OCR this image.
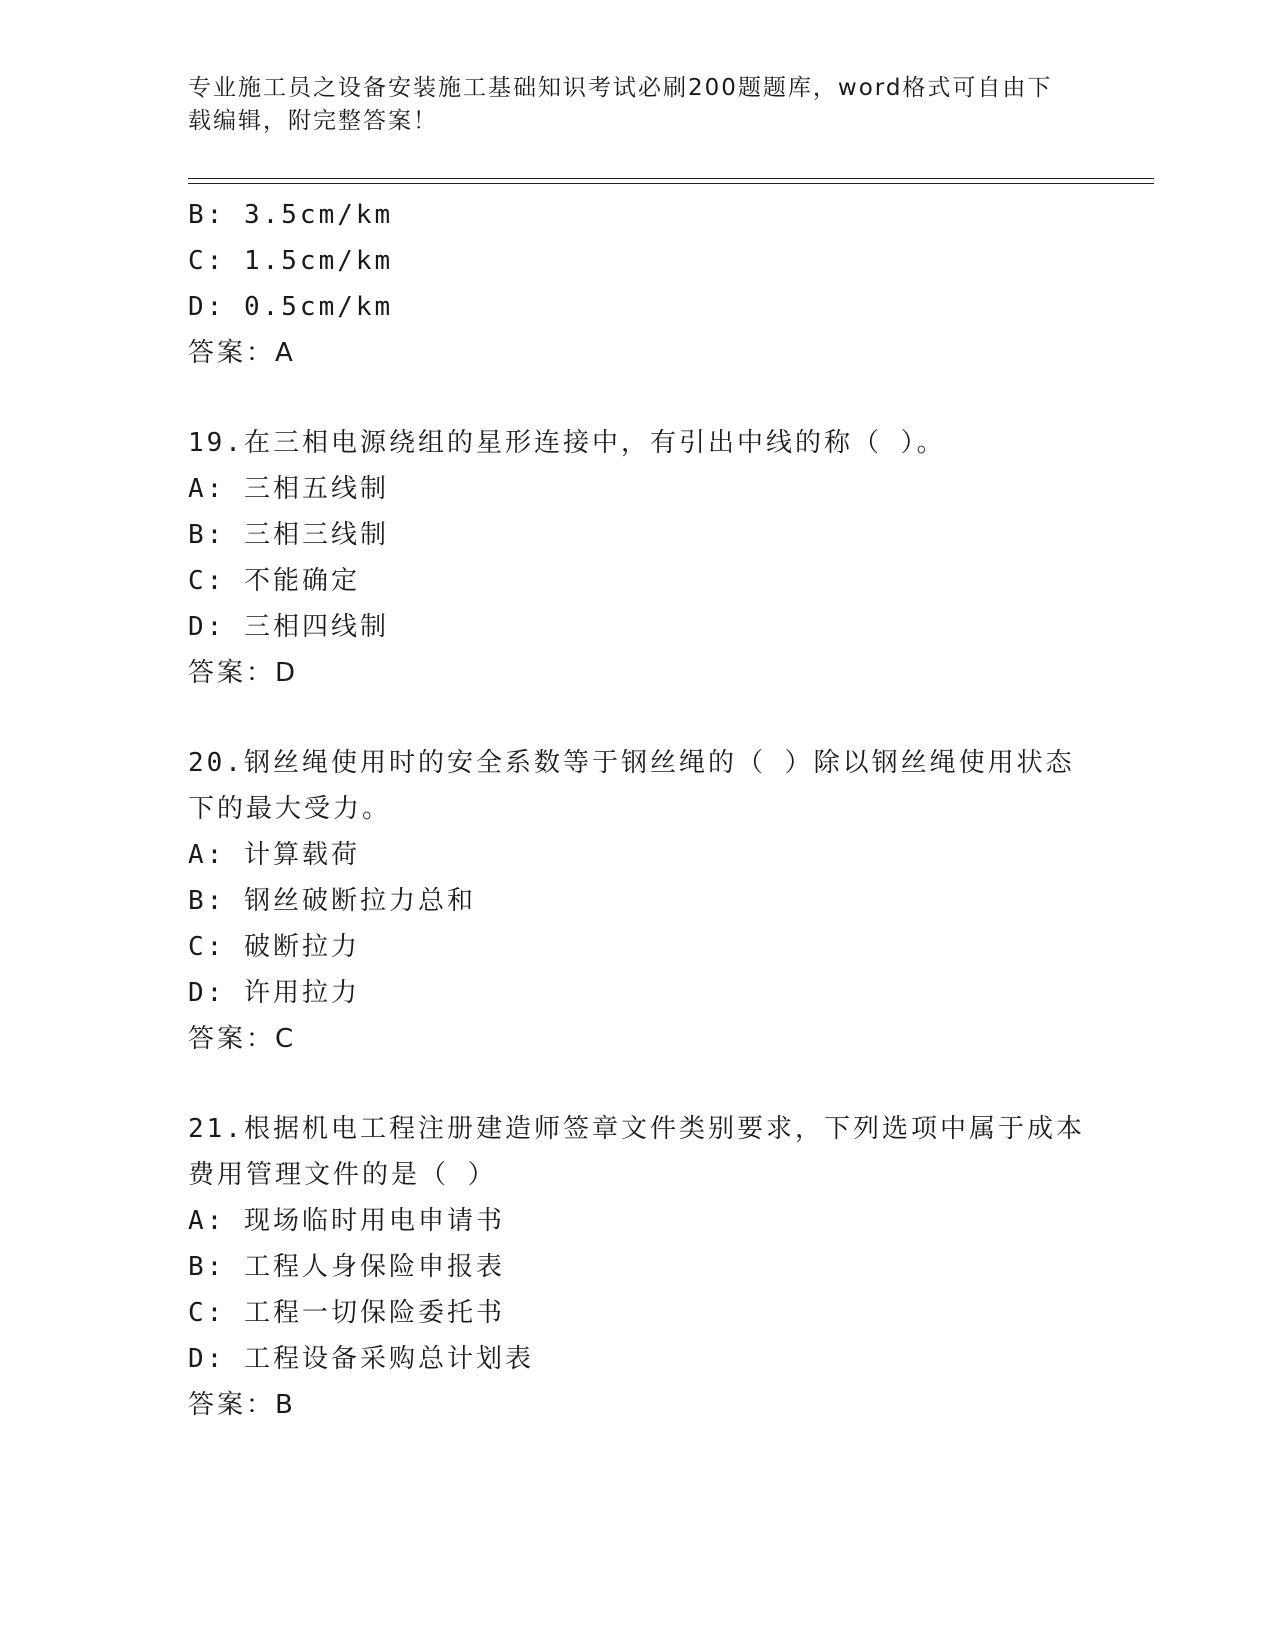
专业施工员之设备安装施工基础知识考试必刷200题题库，word格式可自由下载编辑，附完整答案！
B: 3.5cm/km
C: 1.5cm/km
D: 0.5cm/km
答案：A
19.在三相电源绕组的星形连接中，有引出中线的称（ ）。
A: 三相五线制
B: 三相三线制
C: 不能确定
D: 三相四线制
答案：D
20.钢丝绳使用时的安全系数等于钢丝绳的（ ）除以钢丝绳使用状态下的最大受力。
A: 计算载荷
B: 钢丝破断拉力总和
C: 破断拉力
D: 许用拉力
答案：C
21.根据机电工程注册建造师签章文件类别要求，下列选项中属于成本费用管理文件的是（ ）
A: 现场临时用电申请书
B: 工程人身保险申报表
C: 工程一切保险委托书
D: 工程设备采购总计划表
答案：B
